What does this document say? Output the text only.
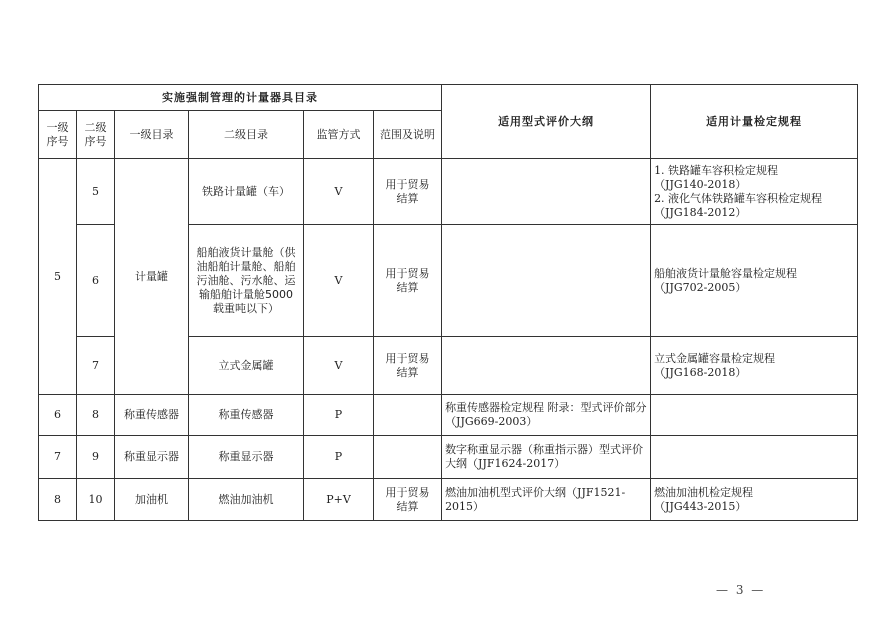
实施强制管理的计量器具目录						适用型式评价大纲	适用计量检定规程
一级序号	二级序号	一级目录	二级目录	监管方式	范围及说明		
5	5	计量罐	铁路计量罐（车）	V	用于贸易结算		1. 铁路罐车容积检定规程
（JJG140-2018）
2. 液化气体铁路罐车容积检定规程
（JJG184-2012）

	6		船舶液货计量舱（供油船舶计量舱、船舶污油舱、污水舱、运输船舶计量舱5000载重吨以下）	V	用于贸易结算		船舶液货计量舱容量检定规程
（JJG702-2005）

	7		立式金属罐	V	用于贸易结算		立式金属罐容量检定规程
（JJG168-2018）

6	8	称重传感器	称重传感器	P		称重传感器检定规程 附录：型式评价部分（JJG669-2003）	
7	9	称重显示器	称重显示器	P		数字称重显示器（称重指示器）型式评价大纲（JJF1624-2017）	
8	10	加油机	燃油加油机	P+V	用于贸易结算	燃油加油机型式评价大纲（JJF1521-2015）	燃油加油机检定规程
（JJG443-2015）
— 3 —
